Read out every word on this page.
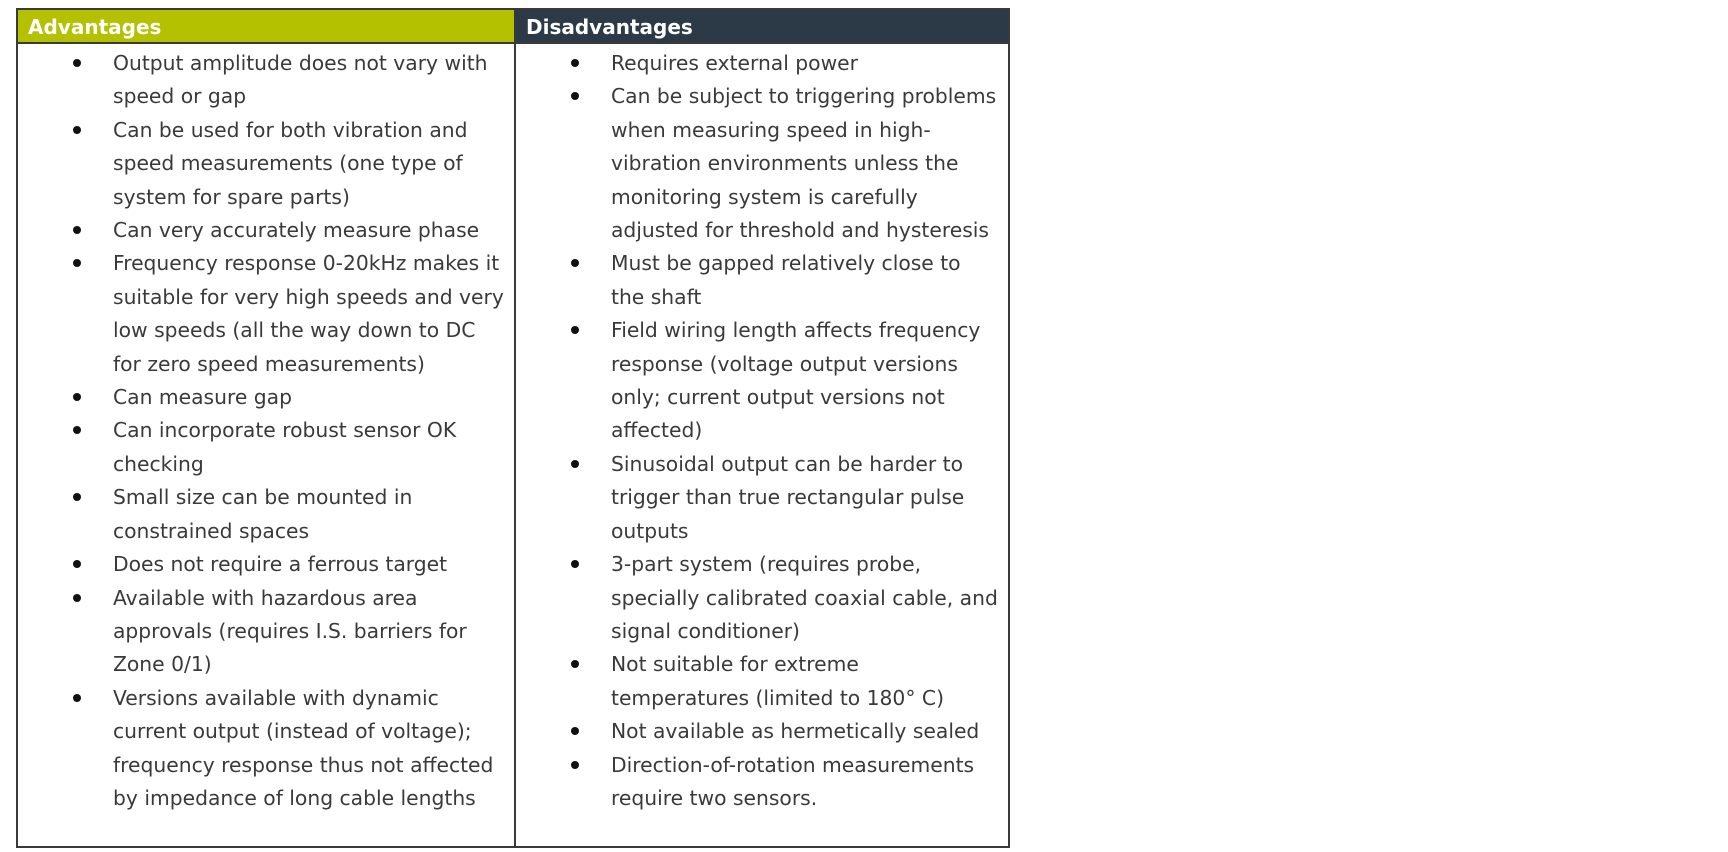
Advantages
Output amplitude does not vary with speed or gap
Can be used for both vibration and speed measurements (one type of system for spare parts)
Can very accurately measure phase
Frequency response 0-20kHz makes it suitable for very high speeds and very low speeds (all the way down to DC for zero speed measurements)
Can measure gap
Can incorporate robust sensor OK checking
Small size can be mounted in constrained spaces
Does not require a ferrous target
Available with hazardous area approvals (requires I.S. barriers for Zone 0/1)
Versions available with dynamic current output (instead of voltage); frequency response thus not affected by impedance of long cable lengths
Disadvantages
Requires external power
Can be subject to triggering problems when measuring speed in high-vibration environments unless the monitoring system is carefully adjusted for threshold and hysteresis
Must be gapped relatively close to the shaft
Field wiring length affects frequency response (voltage output versions only; current output versions not affected)
Sinusoidal output can be harder to trigger than true rectangular pulse outputs
3-part system (requires probe, specially calibrated coaxial cable, and signal conditioner)
Not suitable for extreme temperatures (limited to 180° C)
Not available as hermetically sealed
Direction-of-rotation measurements require two sensors.
